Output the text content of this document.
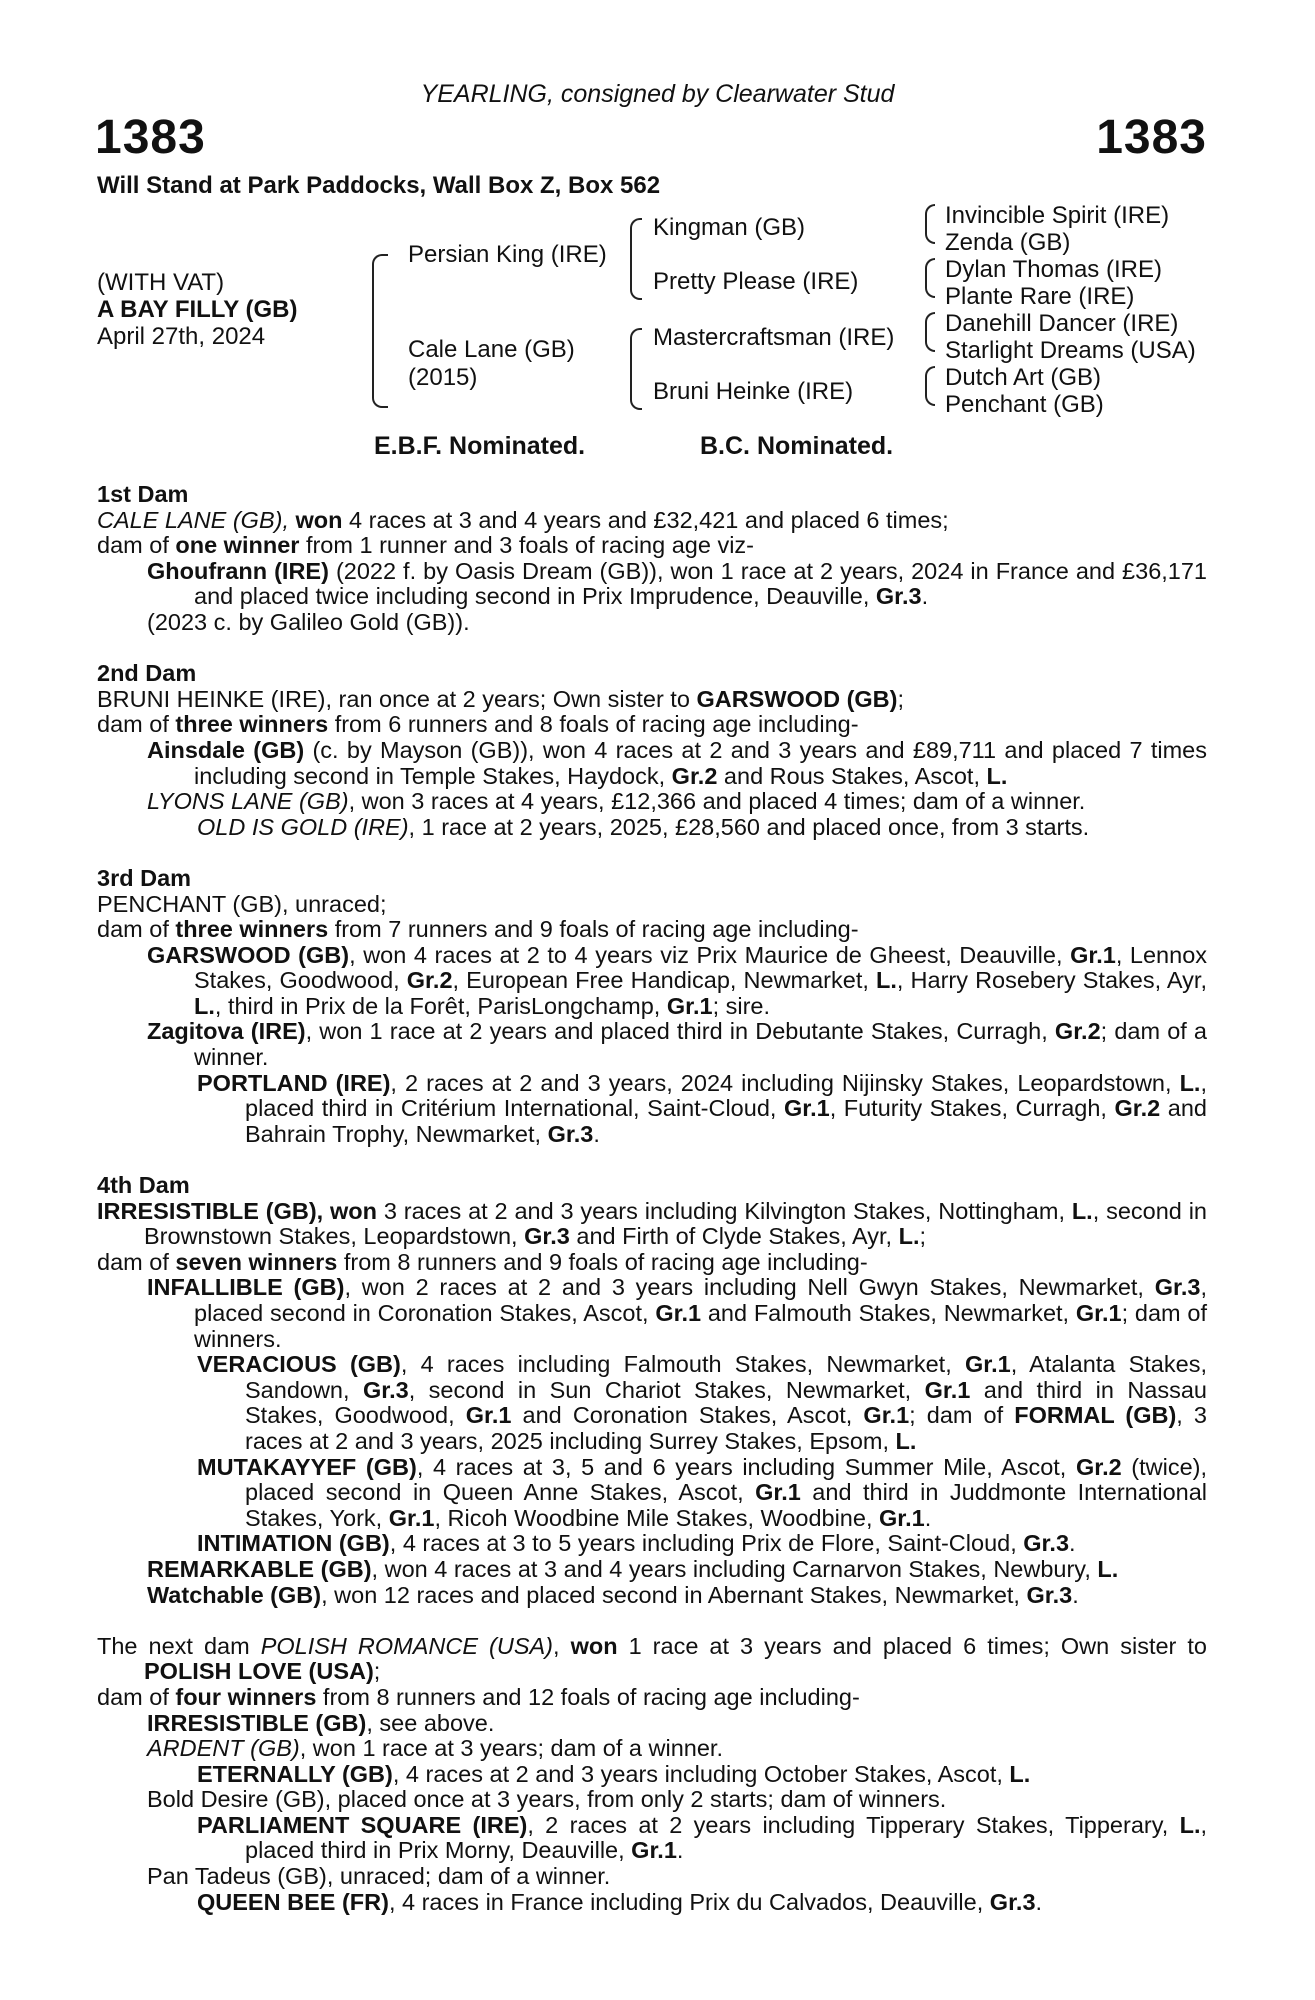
YEARLING, consigned by Clearwater Stud
1383	1383
Will Stand at Park Paddocks, Wall Box Z, Box 562
(WITH VAT)
A BAY FILLY (GB)
April 27th, 2024
Persian King (IRE)
Cale Lane (GB)
(2015)
Kingman (GB)
Pretty Please (IRE)
Mastercraftsman (IRE)
Bruni Heinke (IRE)
Invincible Spirit (IRE)
Zenda (GB)
Dylan Thomas (IRE)
Plante Rare (IRE)
Danehill Dancer (IRE)
Starlight Dreams (USA)
Dutch Art (GB)
Penchant (GB)
E.B.F. Nominated.	B.C. Nominated.

1st Dam

CALE LANE (GB), won 4 races at 3 and 4 years and £32,421 and placed 6 times;

dam of one winner from 1 runner and 3 foals of racing age viz-

Ghoufrann (IRE) (2022 f. by Oasis Dream (GB)), won 1 race at 2 years, 2024 in France and £36,171 and placed twice including second in Prix Imprudence, Deauville, Gr.3.

(2023 c. by Galileo Gold (GB)).

2nd Dam

BRUNI HEINKE (IRE), ran once at 2 years; Own sister to GARSWOOD (GB);

dam of three winners from 6 runners and 8 foals of racing age including-

Ainsdale (GB) (c. by Mayson (GB)), won 4 races at 2 and 3 years and £89,711 and placed 7 times including second in Temple Stakes, Haydock, Gr.2 and Rous Stakes, Ascot, L.

LYONS LANE (GB), won 3 races at 4 years, £12,366 and placed 4 times; dam of a winner.

OLD IS GOLD (IRE), 1 race at 2 years, 2025, £28,560 and placed once, from 3 starts.

3rd Dam

PENCHANT (GB), unraced;

dam of three winners from 7 runners and 9 foals of racing age including-

GARSWOOD (GB), won 4 races at 2 to 4 years viz Prix Maurice de Gheest, Deauville, Gr.1, Lennox Stakes, Goodwood, Gr.2, European Free Handicap, Newmarket, L., Harry Rosebery Stakes, Ayr, L., third in Prix de la Forêt, ParisLongchamp, Gr.1; sire.

Zagitova (IRE), won 1 race at 2 years and placed third in Debutante Stakes, Curragh, Gr.2; dam of a winner.

PORTLAND (IRE), 2 races at 2 and 3 years, 2024 including Nijinsky Stakes, Leopardstown, L., placed third in Critérium International, Saint-Cloud, Gr.1, Futurity Stakes, Curragh, Gr.2 and Bahrain Trophy, Newmarket, Gr.3.

4th Dam

IRRESISTIBLE (GB), won 3 races at 2 and 3 years including Kilvington Stakes, Nottingham, L., second in Brownstown Stakes, Leopardstown, Gr.3 and Firth of Clyde Stakes, Ayr, L.;

dam of seven winners from 8 runners and 9 foals of racing age including-

INFALLIBLE (GB), won 2 races at 2 and 3 years including Nell Gwyn Stakes, Newmarket, Gr.3, placed second in Coronation Stakes, Ascot, Gr.1 and Falmouth Stakes, Newmarket, Gr.1; dam of winners.

VERACIOUS (GB), 4 races including Falmouth Stakes, Newmarket, Gr.1, Atalanta Stakes, Sandown, Gr.3, second in Sun Chariot Stakes, Newmarket, Gr.1 and third in Nassau Stakes, Goodwood, Gr.1 and Coronation Stakes, Ascot, Gr.1; dam of FORMAL (GB), 3 races at 2 and 3 years, 2025 including Surrey Stakes, Epsom, L.

MUTAKAYYEF (GB), 4 races at 3, 5 and 6 years including Summer Mile, Ascot, Gr.2 (twice), placed second in Queen Anne Stakes, Ascot, Gr.1 and third in Juddmonte International Stakes, York, Gr.1, Ricoh Woodbine Mile Stakes, Woodbine, Gr.1.

INTIMATION (GB), 4 races at 3 to 5 years including Prix de Flore, Saint-Cloud, Gr.3.

REMARKABLE (GB), won 4 races at 3 and 4 years including Carnarvon Stakes, Newbury, L.

Watchable (GB), won 12 races and placed second in Abernant Stakes, Newmarket, Gr.3.

The next dam POLISH ROMANCE (USA), won 1 race at 3 years and placed 6 times; Own sister to POLISH LOVE (USA);

dam of four winners from 8 runners and 12 foals of racing age including-

IRRESISTIBLE (GB), see above.

ARDENT (GB), won 1 race at 3 years; dam of a winner.

ETERNALLY (GB), 4 races at 2 and 3 years including October Stakes, Ascot, L.

Bold Desire (GB), placed once at 3 years, from only 2 starts; dam of winners.

PARLIAMENT SQUARE (IRE), 2 races at 2 years including Tipperary Stakes, Tipperary, L., placed third in Prix Morny, Deauville, Gr.1.

Pan Tadeus (GB), unraced; dam of a winner.

QUEEN BEE (FR), 4 races in France including Prix du Calvados, Deauville, Gr.3.
